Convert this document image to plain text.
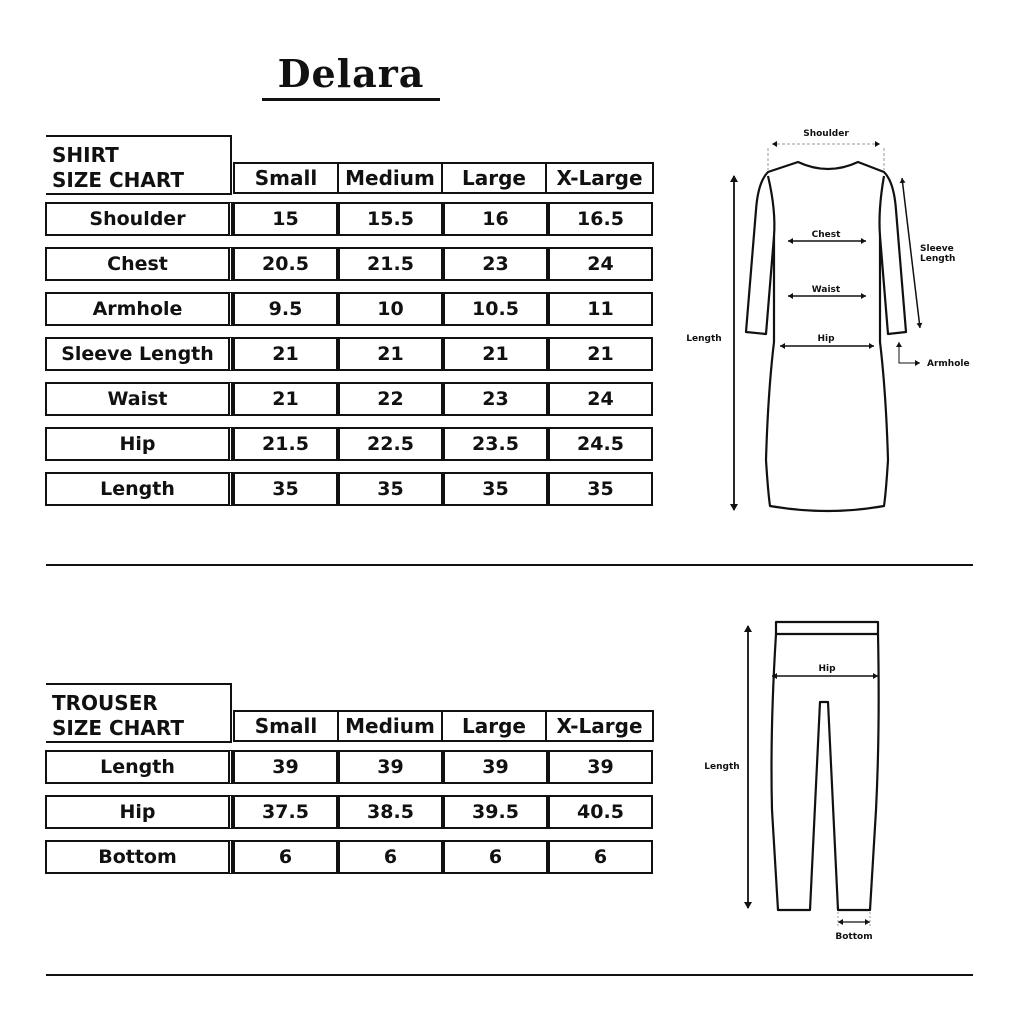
Delara
SHIRT
SIZE CHART	Small	Medium	Large	X-Large
Shoulder	15	15.5	16	16.5
Chest	20.5	21.5	23	24
Armhole	9.5	10	10.5	11
Sleeve Length	21	21	21	21
Waist	21	22	23	24
Hip	21.5	22.5	23.5	24.5
Length	35	35	35	35
Shoulder
Chest
Waist
Hip
Sleeve
Length
Length
Armhole
TROUSER
SIZE CHART	Small	Medium	Large	X-Large
Length	39	39	39	39
Hip	37.5	38.5	39.5	40.5
Bottom	6	6	6	6
Hip
Length
Bottom
